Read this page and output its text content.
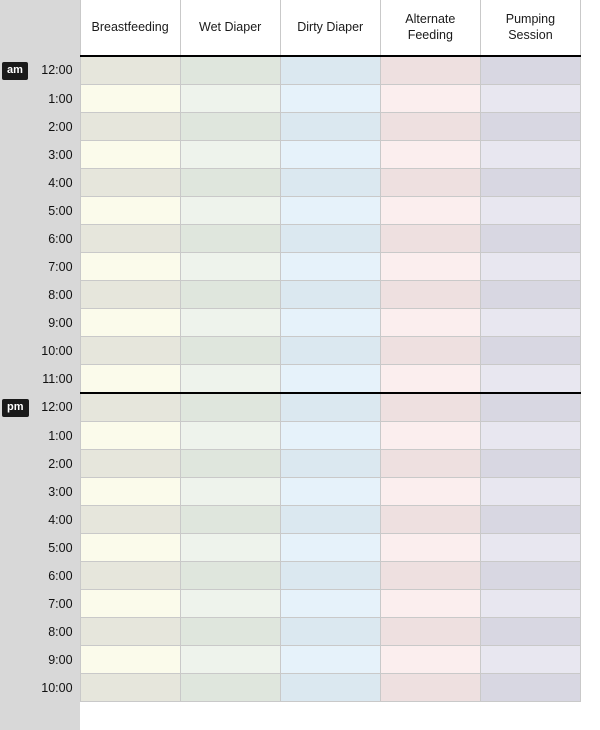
		Breastfeeding	Wet Diaper	Dirty Diaper	Alternate Feeding	Pumping Session
am	12:00					
	1:00					
	2:00					
	3:00					
	4:00					
	5:00					
	6:00					
	7:00					
	8:00					
	9:00					
	10:00					
	11:00					
pm	12:00					
	1:00					
	2:00					
	3:00					
	4:00					
	5:00					
	6:00					
	7:00					
	8:00					
	9:00					
	10:00					
